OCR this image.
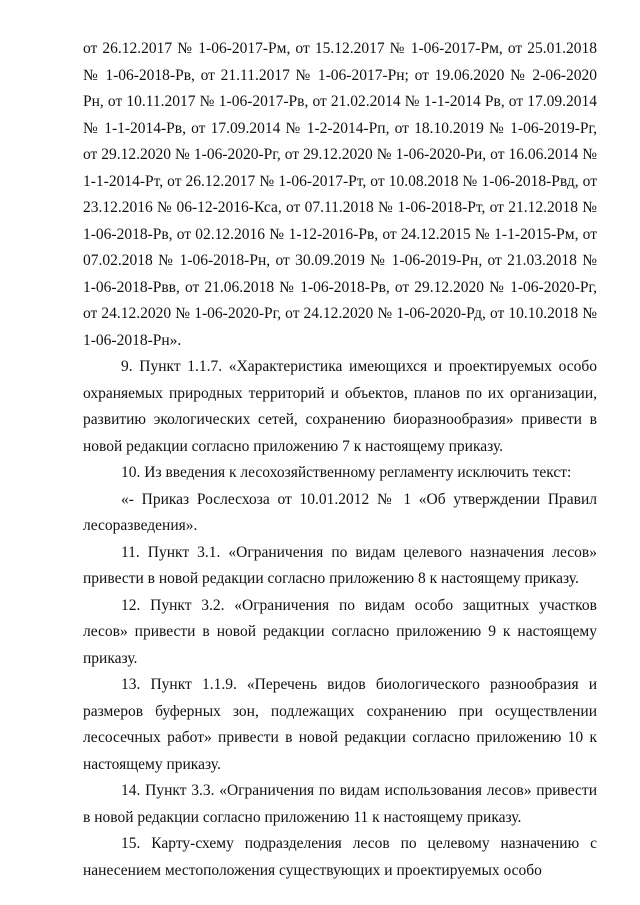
от 26.12.2017 № 1-06-2017-Рм, от 15.12.2017 № 1-06-2017-Рм, от 25.01.2018 № 1-06-2018-Рв, от 21.11.2017 № 1-06-2017-Рн; от 19.06.2020 № 2-06-2020 Рн, от 10.11.2017 № 1-06-2017-Рв, от 21.02.2014 № 1-1-2014 Рв, от 17.09.2014 № 1-1-2014-Рв, от 17.09.2014 № 1-2-2014-Рп, от 18.10.2019 № 1-06-2019-Рг, от 29.12.2020 № 1-06-2020-Рг, от 29.12.2020 № 1-06-2020-Ри, от 16.06.2014 № 1-1-2014-Рт, от 26.12.2017 № 1-06-2017-Рт, от 10.08.2018 № 1-06-2018-Рвд, от 23.12.2016 № 06-12-2016-Кса, от 07.11.2018 № 1-06-2018-Рт, от 21.12.2018 № 1-06-2018-Рв, от 02.12.2016 № 1-12-2016-Рв, от 24.12.2015 № 1-1-2015-Рм, от 07.02.2018 № 1-06-2018-Рн, от 30.09.2019 № 1-06-2019-Рн, от 21.03.2018 № 1-06-2018-Рвв, от 21.06.2018 № 1-06-2018-Рв, от 29.12.2020 № 1-06-2020-Рг, от 24.12.2020 № 1-06-2020-Рг, от 24.12.2020 № 1-06-2020-Рд, от 10.10.2018 № 1-06-2018-Рн».

9. Пункт 1.1.7. «Характеристика имеющихся и проектируемых особо охраняемых природных территорий и объектов, планов по их организации, развитию экологических сетей, сохранению биоразнообразия» привести в новой редакции согласно приложению 7 к настоящему приказу.

10. Из введения к лесохозяйственному регламенту исключить текст:

«- Приказ Рослесхоза от 10.01.2012 № 1 «Об утверждении Правил лесоразведения».

11. Пункт 3.1. «Ограничения по видам целевого назначения лесов» привести в новой редакции согласно приложению 8 к настоящему приказу.

12. Пункт 3.2. «Ограничения по видам особо защитных участков лесов» привести в новой редакции согласно приложению 9 к настоящему приказу.

13. Пункт 1.1.9. «Перечень видов биологического разнообразия и размеров буферных зон, подлежащих сохранению при осуществлении лесосечных работ» привести в новой редакции согласно приложению 10 к настоящему приказу.

14. Пункт 3.3. «Ограничения по видам использования лесов» привести в новой редакции согласно приложению 11 к настоящему приказу.

15. Карту-схему подразделения лесов по целевому назначению с нанесением местоположения существующих и проектируемых особо
